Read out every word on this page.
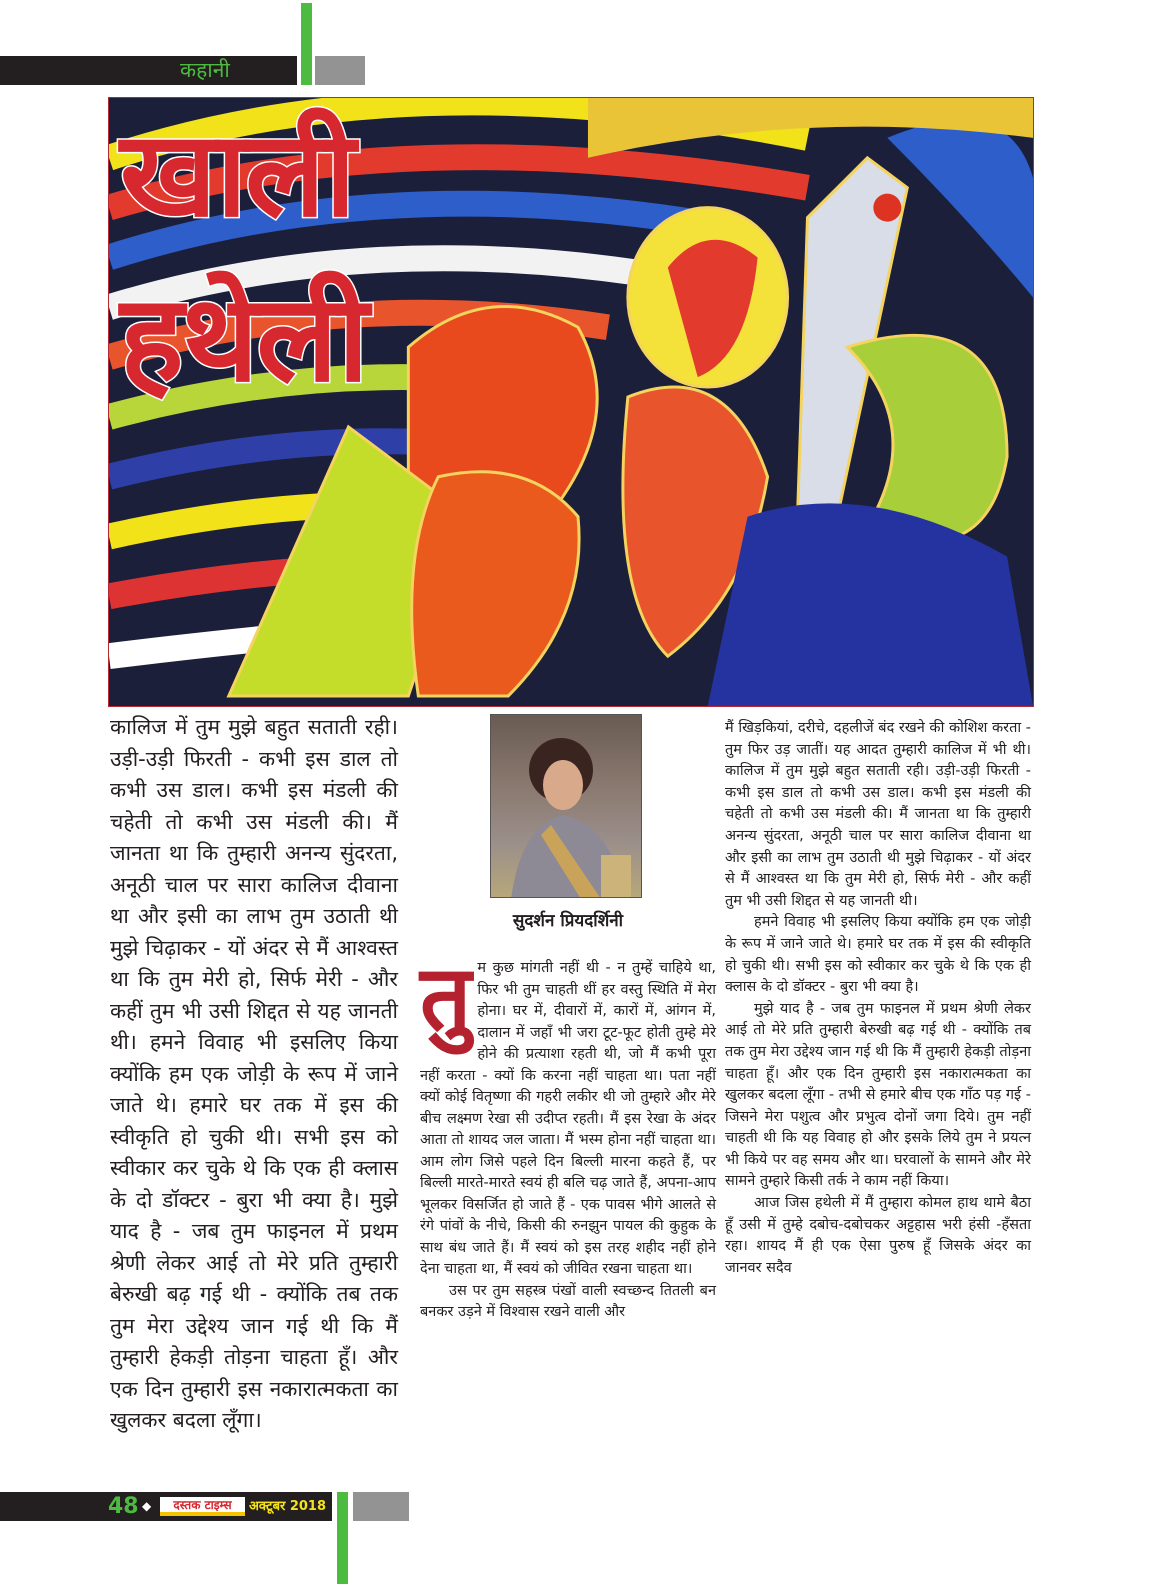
कहानी
खाली
हथेली

कालिज में तुम मुझे बहुत सताती रही। उड़ी-उड़ी फिरती - कभी इस डाल तो कभी उस डाल। कभी इस मंडली की चहेती तो कभी उस मंडली की। मैं जानता था कि तुम्हारी अनन्य सुंदरता, अनूठी चाल पर सारा कालिज दीवाना था और इसी का लाभ तुम उठाती थी मुझे चिढ़ाकर - यों अंदर से मैं आश्वस्त था कि तुम मेरी हो, सिर्फ मेरी - और कहीं तुम भी उसी शिद्दत से यह जानती थी। हमने विवाह भी इसलिए किया क्योंकि हम एक जोड़ी के रूप में जाने जाते थे। हमारे घर तक में इस की स्वीकृति हो चुकी थी। सभी इस को स्वीकार कर चुके थे कि एक ही क्लास के दो डॉक्टर - बुरा भी क्या है। मुझे याद है - जब तुम फाइनल में प्रथम श्रेणी लेकर आई तो मेरे प्रति तुम्हारी बेरुखी बढ़ गई थी - क्योंकि तब तक तुम मेरा उद्देश्य जान गई थी कि मैं तुम्हारी हेकड़ी तोड़ना चाहता हूँ। और एक दिन तुम्हारी इस नकारात्मकता का खुलकर बदला लूँगा।

सुदर्शन प्रियदर्शिनी

तुम कुछ मांगती नहीं थी - न तुम्हें चाहिये था, फिर भी तुम चाहती थीं हर वस्तु स्थिति में मेरा होना। घर में, दीवारों में, कारों में, आंगन में, दालान में जहाँ भी जरा टूट-फूट होती तुम्हे मेरे होने की प्रत्याशा रहती थी, जो मैं कभी पूरा नहीं करता - क्यों कि करना नहीं चाहता था। पता नहीं क्यों कोई वितृष्णा की गहरी लकीर थी जो तुम्हारे और मेरे बीच लक्ष्मण रेखा सी उदीप्त रहती। मैं इस रेखा के अंदर आता तो शायद जल जाता। मैं भस्म होना नहीं चाहता था। आम लोग जिसे पहले दिन बिल्ली मारना कहते हैं, पर बिल्ली मारते-मारते स्वयं ही बलि चढ़ जाते हैं, अपना-आप भूलकर विसर्जित हो जाते हैं - एक पावस भीगे आलते से रंगे पांवों के नीचे, किसी की रुनझुन पायल की कुहुक के साथ बंध जाते हैं। मैं स्वयं को इस तरह शहीद नहीं होने देना चाहता था, मैं स्वयं को जीवित रखना चाहता था।

उस पर तुम सहस्त्र पंखों वाली स्वच्छन्द तितली बन बनकर उड़ने में विश्वास रखने वाली और

मैं खिड़कियां, दरीचे, दहलीजें बंद रखने की कोशिश करता - तुम फिर उड़ जातीं। यह आदत तुम्हारी कालिज में भी थी। कालिज में तुम मुझे बहुत सताती रही। उड़ी-उड़ी फिरती - कभी इस डाल तो कभी उस डाल। कभी इस मंडली की चहेती तो कभी उस मंडली की। मैं जानता था कि तुम्हारी अनन्य सुंदरता, अनूठी चाल पर सारा कालिज दीवाना था और इसी का लाभ तुम उठाती थी मुझे चिढ़ाकर - यों अंदर से मैं आश्वस्त था कि तुम मेरी हो, सिर्फ मेरी - और कहीं तुम भी उसी शिद्दत से यह जानती थी।

हमने विवाह भी इसलिए किया क्योंकि हम एक जोड़ी के रूप में जाने जाते थे। हमारे घर तक में इस की स्वीकृति हो चुकी थी। सभी इस को स्वीकार कर चुके थे कि एक ही क्लास के दो डॉक्टर - बुरा भी क्या है।

मुझे याद है - जब तुम फाइनल में प्रथम श्रेणी लेकर आई तो मेरे प्रति तुम्हारी बेरुखी बढ़ गई थी - क्योंकि तब तक तुम मेरा उद्देश्य जान गई थी कि मैं तुम्हारी हेकड़ी तोड़ना चाहता हूँ। और एक दिन तुम्हारी इस नकारात्मकता का खुलकर बदला लूँगा - तभी से हमारे बीच एक गाँठ पड़ गई - जिसने मेरा पशुत्व और प्रभुत्व दोनों जगा दिये। तुम नहीं चाहती थी कि यह विवाह हो और इसके लिये तुम ने प्रयत्न भी किये पर वह समय और था। घरवालों के सामने और मेरे सामने तुम्हारे किसी तर्क ने काम नहीं किया।

आज जिस हथेली में मैं तुम्हारा कोमल हाथ थामे बैठा हूँ उसी में तुम्हे दबोच-दबोचकर अट्टहास भरी हंसी -हँसता रहा। शायद मैं ही एक ऐसा पुरुष हूँ जिसके अंदर का जानवर सदैव

48 ◆	दस्तक टाइम्स	अक्टूबर 2018
